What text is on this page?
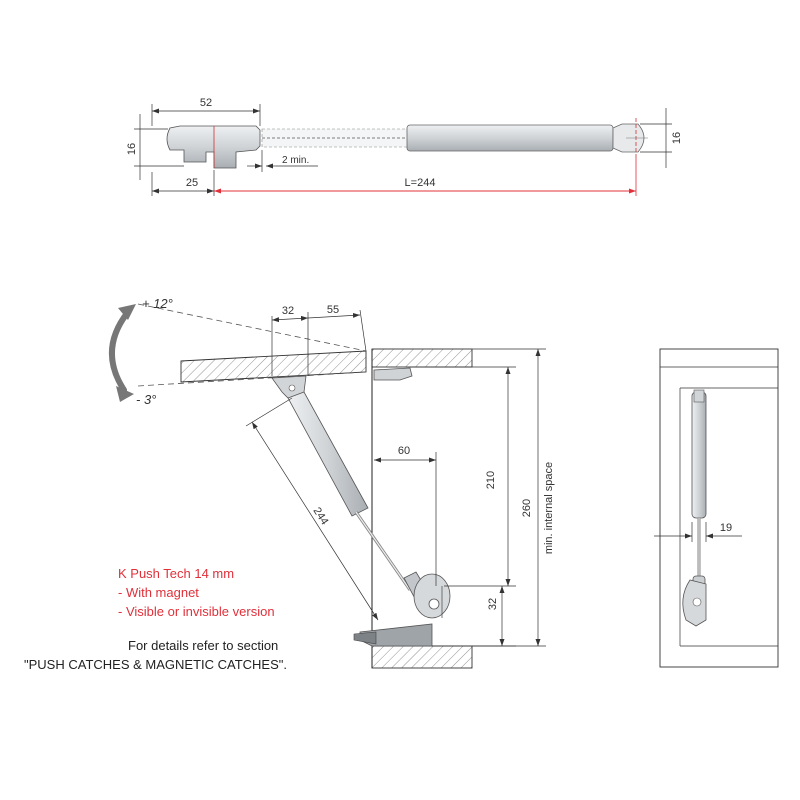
52
16
16
25
2 min.
L=244
+ 12°
- 3°
32	55
244
60
210
32
260 min. internal space	19
K Push Tech 14 mm
- With magnet
- Visible or invisible version
For details refer to section
"PUSH CATCHES & MAGNETIC CATCHES".
